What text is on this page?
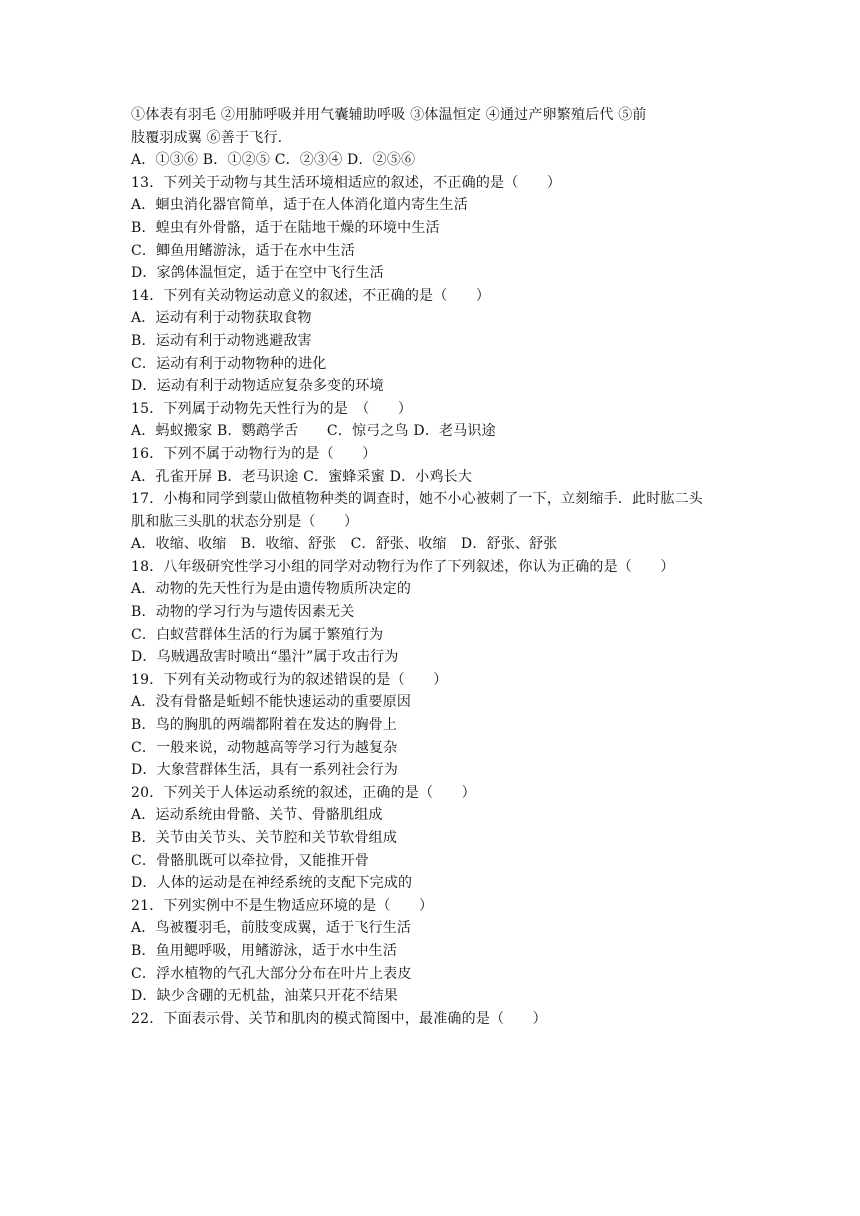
①体表有羽毛 ②用肺呼吸并用气囊辅助呼吸 ③体温恒定 ④通过产卵繁殖后代 ⑤前
肢覆羽成翼 ⑥善于飞行.
A．①③⑥ B．①②⑤ C．②③④ D．②⑤⑥
13．下列关于动物与其生活环境相适应的叙述，不正确的是（　　）
A．蛔虫消化器官简单，适于在人体消化道内寄生生活
B．蝗虫有外骨骼，适于在陆地干燥的环境中生活
C．鲫鱼用鳍游泳，适于在水中生活
D．家鸽体温恒定，适于在空中飞行生活
14．下列有关动物运动意义的叙述，不正确的是（　　）
A．运动有利于动物获取食物
B．运动有利于动物逃避敌害
C．运动有利于动物物种的进化
D．运动有利于动物适应复杂多变的环境
15．下列属于动物先天性行为的是　（　　）
A．蚂蚁搬家 B．鹦鹉学舌　　C．惊弓之鸟 D．老马识途
16．下列不属于动物行为的是（　　）
A．孔雀开屏 B．老马识途 C．蜜蜂采蜜 D．小鸡长大
17．小梅和同学到蒙山做植物种类的调查时，她不小心被刺了一下，立刻缩手．此时肱二头
肌和肱三头肌的状态分别是（　　）
A．收缩、收缩　B．收缩、舒张　C．舒张、收缩　D．舒张、舒张
18．八年级研究性学习小组的同学对动物行为作了下列叙述，你认为正确的是（　　）
A．动物的先天性行为是由遗传物质所决定的
B．动物的学习行为与遗传因素无关
C．白蚁营群体生活的行为属于繁殖行为
D．乌贼遇敌害时喷出“墨汁”属于攻击行为
19．下列有关动物或行为的叙述错误的是（　　）
A．没有骨骼是蚯蚓不能快速运动的重要原因
B．鸟的胸肌的两端都附着在发达的胸骨上
C．一般来说，动物越高等学习行为越复杂
D．大象营群体生活，具有一系列社会行为
20．下列关于人体运动系统的叙述，正确的是（　　）
A．运动系统由骨骼、关节、骨骼肌组成
B．关节由关节头、关节腔和关节软骨组成
C．骨骼肌既可以牵拉骨，又能推开骨
D．人体的运动是在神经系统的支配下完成的
21．下列实例中不是生物适应环境的是（　　）
A．鸟被覆羽毛，前肢变成翼，适于飞行生活
B．鱼用鳃呼吸，用鳍游泳，适于水中生活
C．浮水植物的气孔大部分分布在叶片上表皮
D．缺少含硼的无机盐，油菜只开花不结果
22．下面表示骨、关节和肌肉的模式简图中，最准确的是（　　）
